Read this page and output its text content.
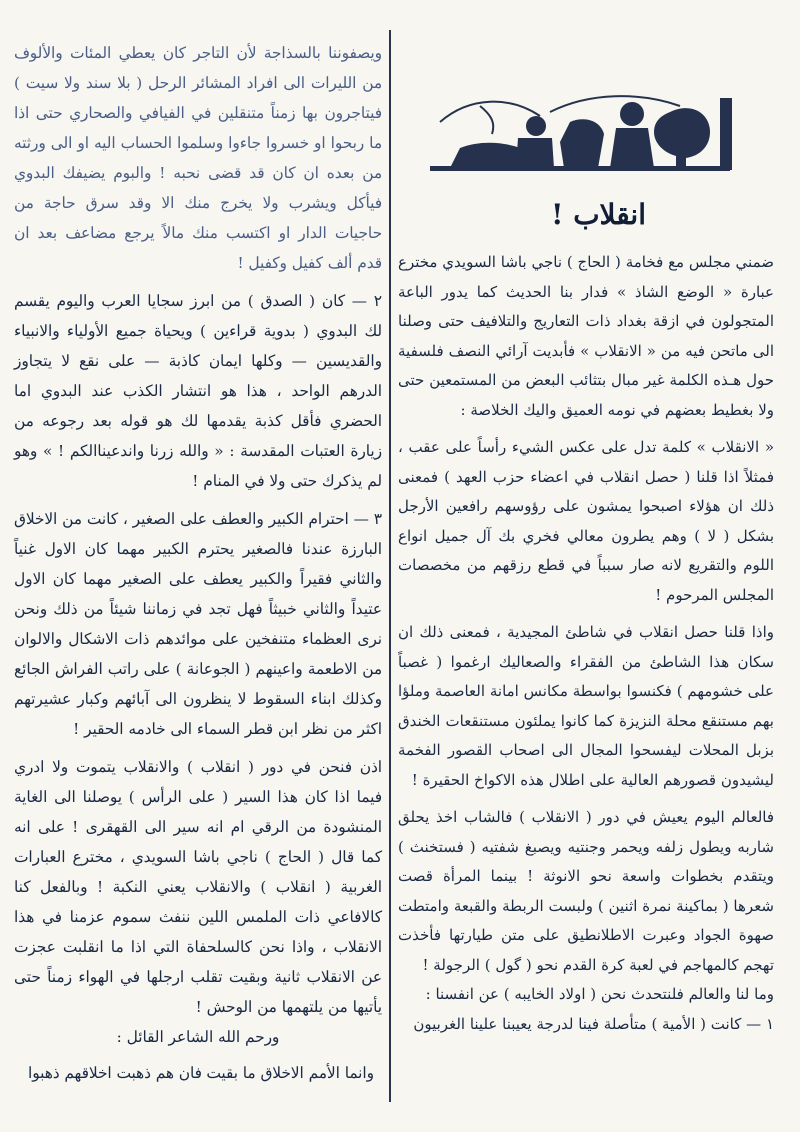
اصغريون
انقلاب !

ضمني مجلس مع فخامة ( الحاج ) ناجي باشا السويدي مخترع عبارة « الوضع الشاذ » فدار بنا الحديث كما يدور الباعة المتجولون في ازقة بغداد ذات التعاريج والتلافيف حتى وصلنا الى ماتحن فيه من « الانقلاب » فأبديت آرائي النصف فلسفية حول هـذه الكلمة غير مبال بتثائب البعض من المستمعين حتى ولا بغطيط بعضهم في نومه العميق واليك الخلاصة :

« الانقلاب » كلمة تدل على عكس الشيء رأساً على عقب ، فمثلاً اذا قلنا ( حصل انقلاب في اعضاء حزب العهد ) فمعنى ذلك ان هؤلاء اصبحوا يمشون على رؤوسهم رافعين الأرجل بشكل ( لا ) وهم يطرون معالي فخري بك آل جميل انواع اللوم والتقريع لانه صار سبباً في قطع رزقهم من مخصصات المجلس المرحوم !

واذا قلنا حصل انقلاب في شاطئ المجيدية ، فمعنى ذلك ان سكان هذا الشاطئ من الفقراء والصعاليك ارغموا ( غصباً على خشومهم ) فكنسوا بواسطة مكانس امانة العاصمة وملؤا بهم مستنقع محلة النزيزة كما كانوا يملئون مستنقعات الخندق بزبل المحلات ليفسحوا المجال الى اصحاب القصور الفخمة ليشيدون قصورهم العالية على اطلال هذه الاكواخ الحقيرة !

فالعالم اليوم يعيش في دور ( الانقلاب ) فالشاب اخذ يحلق شاربه ويطول زلفه ويحمر وجنتيه ويصبغ شفتيه ( فستخنث ) ويتقدم بخطوات واسعة نحو الانوثة ! بينما المرأة قصت شعرها ( بماكينة نمرة اثنين ) ولبست الربطة والقبعة وامتطت صهوة الجواد وعبرت الاطلانطيق على متن طيارتها فأخذت تهجم كالمهاجم في لعبة كرة القدم نحو ( گول ) الرجولة !

وما لنا والعالم فلنتحدث نحن ( اولاد الخايبه ) عن انفسنا :

١ — كانت ( الأمية ) متأصلة فينا لدرجة يعيبنا علينا الغربيون

ويصفوننا بالسذاجة لأن التاجر كان يعطي المئات والألوف من الليرات الى افراد المشائر الرحل ( بلا سند ولا سيت ) فيتاجرون بها زمناً متنقلين في الفيافي والصحاري حتى اذا ما ربحوا او خسروا جاءوا وسلموا الحساب اليه او الى ورثته من بعده ان كان قد قضى نحبه ! والبوم يضيفك البدوي فيأكل ويشرب ولا يخرج منك الا وقد سرق حاجة من حاجيات الدار او اكتسب منك مالاً يرجع مضاعف بعد ان قدم ألف كفيل وكفيل !

٢ — كان ( الصدق ) من ابرز سجايا العرب واليوم يقسم لك البدوي ( بدوية قراءين ) ويحياة جميع الأولياء والانبياء والقديسين — وكلها ايمان كاذبة — على نقع لا يتجاوز الدرهم الواحد ، هذا هو انتشار الكذب عند البدوي اما الحضري فأقل كذبة يقدمها لك هو قوله بعد رجوعه من زيارة العتبات المقدسة : « والله زرنا واندعيناالكم ! » وهو لم يذكرك حتى ولا في المنام !

٣ — احترام الكبير والعطف على الصغير ، كانت من الاخلاق البارزة عندنا فالصغير يحترم الكبير مهما كان الاول غنياً والثاني فقيراً والكبير يعطف على الصغير مهما كان الاول عتيداً والثاني خبيثاً فهل تجد في زماننا شيئاً من ذلك ونحن نرى العظماء متنفخين على موائدهم ذات الاشكال والالوان من الاطعمة واعينهم ( الجوعانة ) على راتب الفراش الجائع وكذلك ابناء السقوط لا ينظرون الى آبائهم وكبار عشيرتهم اكثر من نظر ابن قطر السماء الى خادمه الحقير !

اذن فنحن في دور ( انقلاب ) والانقلاب يتموت ولا ادري فيما اذا كان هذا السير ( على الرأس ) يوصلنا الى الغاية المنشودة من الرقي ام انه سير الى القهقرى ! على انه كما قال ( الحاج ) ناجي باشا السويدي ، مخترع العبارات الغربية ( انقلاب ) والانقلاب يعني النكبة ! وبالفعل كنا كالافاعي ذات الملمس اللين ننفث سموم عزمنا في هذا الانقلاب ، واذا نحن كالسلحفاة التي اذا ما انقلبت عجزت عن الانقلاب ثانية وبقيت تقلب ارجلها في الهواء زمناً حتى يأتيها من يلتهمها من الوحش !

ورحم الله الشاعر القائل :

وانما الأمم الاخلاق ما بقيت
فان هم ذهبت اخلاقهم ذهبوا
